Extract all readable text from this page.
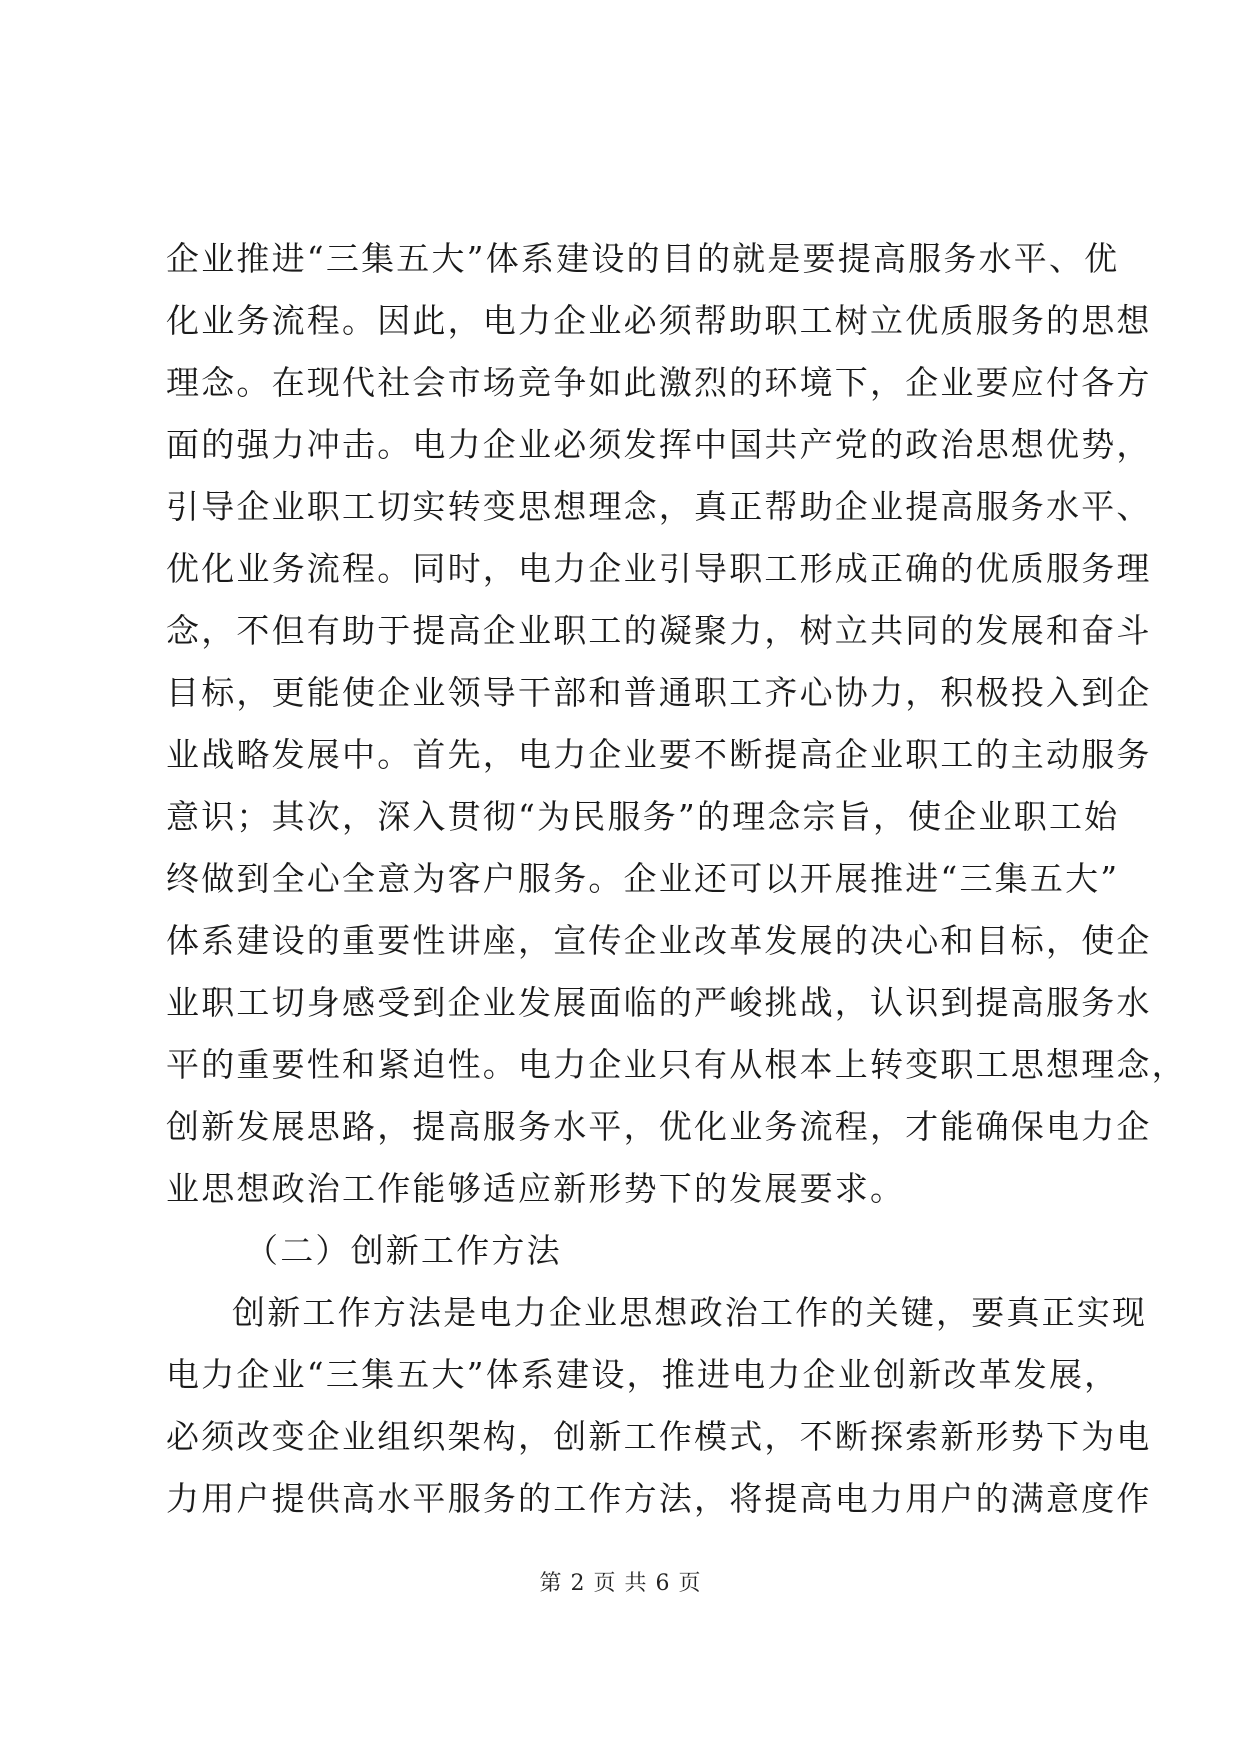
企业推进“三集五大”体系建设的目的就是要提高服务水平、优
化业务流程。因此，电力企业必须帮助职工树立优质服务的思想
理念。在现代社会市场竞争如此激烈的环境下，企业要应付各方
面的强力冲击。电力企业必须发挥中国共产党的政治思想优势，
引导企业职工切实转变思想理念，真正帮助企业提高服务水平、
优化业务流程。同时，电力企业引导职工形成正确的优质服务理
念，不但有助于提高企业职工的凝聚力，树立共同的发展和奋斗
目标，更能使企业领导干部和普通职工齐心协力，积极投入到企
业战略发展中。首先，电力企业要不断提高企业职工的主动服务
意识；其次，深入贯彻“为民服务”的理念宗旨，使企业职工始
终做到全心全意为客户服务。企业还可以开展推进“三集五大”
体系建设的重要性讲座，宣传企业改革发展的决心和目标，使企
业职工切身感受到企业发展面临的严峻挑战，认识到提高服务水
平的重要性和紧迫性。电力企业只有从根本上转变职工思想理念，
创新发展思路，提高服务水平，优化业务流程，才能确保电力企
业思想政治工作能够适应新形势下的发展要求。
（二）创新工作方法
创新工作方法是电力企业思想政治工作的关键，要真正实现
电力企业“三集五大”体系建设，推进电力企业创新改革发展，
必须改变企业组织架构，创新工作模式，不断探索新形势下为电
力用户提供高水平服务的工作方法，将提高电力用户的满意度作
第 2 页 共 6 页
